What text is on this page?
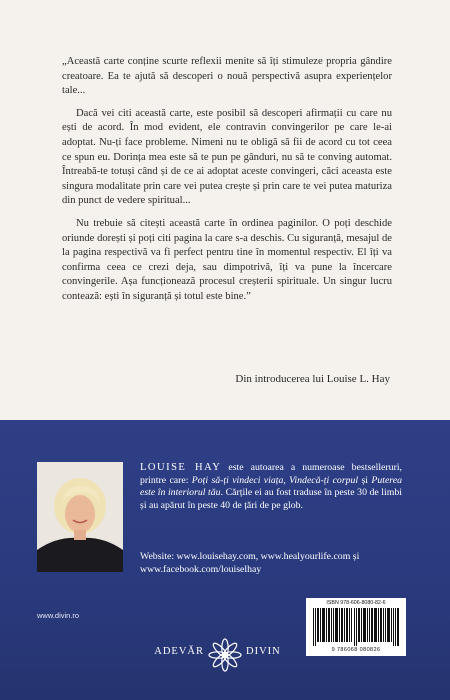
„Această carte conține scurte reflexii menite să îți stimuleze propria gândire creatoare. Ea te ajută să descoperi o nouă perspectivă asupra experiențelor tale...

Dacă vei citi această carte, este posibil să descoperi afirmații cu care nu ești de acord. În mod evident, ele contravin convingerilor pe care le-ai adoptat. Nu-ți face probleme. Nimeni nu te obligă să fii de acord cu tot ceea ce spun eu. Dorința mea este să te pun pe gânduri, nu să te conving automat. Întreabă-te totuși când și de ce ai adoptat aceste convingeri, căci aceasta este singura modalitate prin care vei putea crește și prin care te vei putea maturiza din punct de vedere spiritual...

Nu trebuie să citești această carte în ordinea paginilor. O poți deschide oriunde dorești și poți citi pagina la care s-a deschis. Cu siguranță, mesajul de la pagina respectivă va fi perfect pentru tine în momentul respectiv. El îți va confirma ceea ce crezi deja, sau dimpotrivă, îți va pune la încercare convingerile. Așa funcționează procesul creșterii spirituale. Un singur lucru contează: ești în siguranță și totul este bine.”

Din introducerea lui Louise L. Hay
LOUISE HAY este autoarea a numeroase bestselleruri, printre care: Poți să-ți vindeci viața, Vindecă-ți corpul și Puterea este în interiorul tău. Cărțile ei au fost traduse în peste 30 de limbi și au apărut în peste 40 de țări de pe glob.
Website: www.louisehay.com, www.healyourlife.com și
www.facebook.com/louiselhay
www.divin.ro
ISBN 978-606-8080-82-6
9 786068 080826
ADEVĂR	DIVIN
